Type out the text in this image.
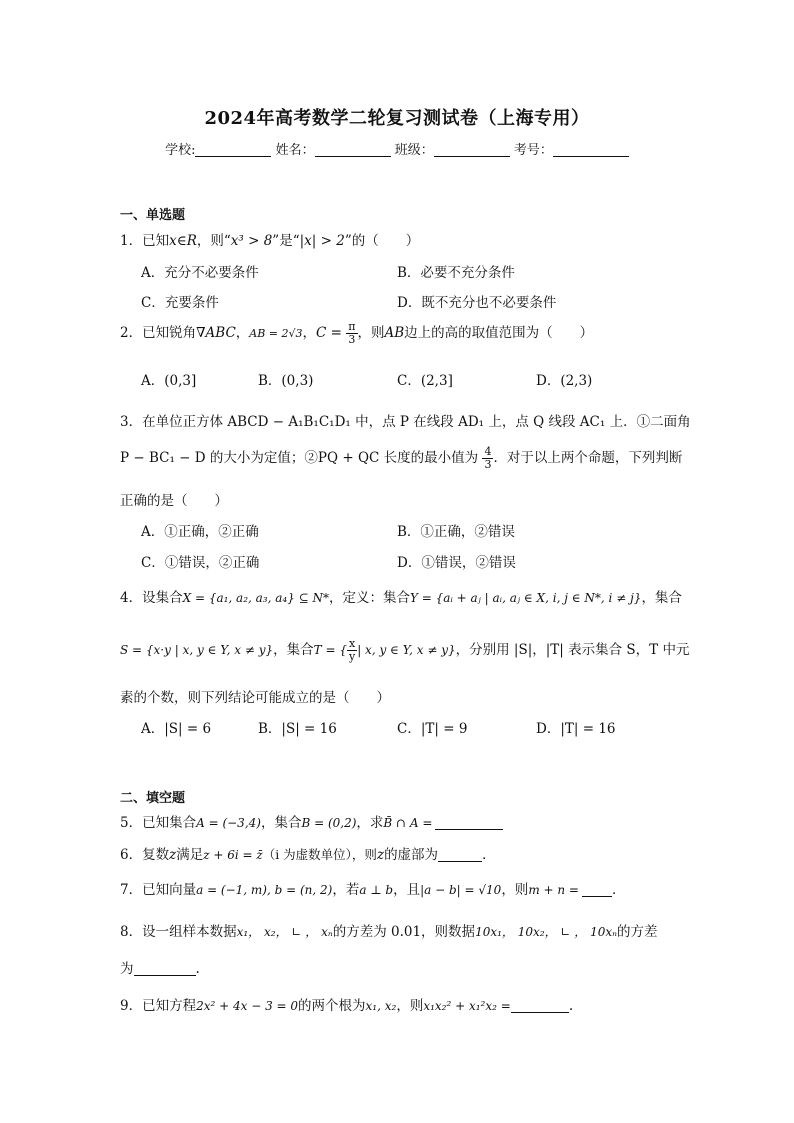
2024年高考数学二轮复习测试卷（上海专用）
学校:	姓名：	班级：	考号：
一、单选题
1．已知x∈R，则“x³ > 8”是“|x| > 2”的（　　）
A．充分不必要条件	B．必要不充分条件
C．充要条件	D．既不充分也不必要条件
2．已知锐角∇ABC，AB = 2√3，$C = \frac{\pi}{3}$ ，则AB边上的高的取值范围为（　　）
A．(0,3]	B．(0,3)	C．(2,3]	D．(2,3)
3．在单位正方体 ABCD − A₁B₁C₁D₁ 中，点 P 在线段 AD₁ 上，点 Q 线段 AC₁ 上．①二面角
P − BC₁ − D 的大小为定值；②PQ + QC 长度的最小值为 $\frac{4}{3}$ ．对于以上两个命题，下列判断
正确的是（　　）
A．①正确，②正确	B．①正确，②错误
C．①错误，②正确	D．①错误，②错误
4．设集合X = {a₁, a₂, a₃, a₄} ⊆ N*，定义：集合Y = {aᵢ + aⱼ | aᵢ, aⱼ ∈ X, i, j ∈ N*, i ≠ j}，集合
S = {x·y | x, y ∈ Y, x ≠ y}，集合T = { $\frac{x}{y}$ | x, y ∈ Y, x ≠ y}，分别用 |S|，|T| 表示集合 S，T 中元
素的个数，则下列结论可能成立的是（　　）
A．|S| = 6	B．|S| = 16	C．|T| = 9	D．|T| = 16
二、填空题
5．已知集合A = (−3,4)，集合B = (0,2)，求B̄ ∩ A =
6．复数z满足z + 6i = z̄（i 为虚数单位），则z的虚部为	．
7．已知向量a = (−1, m), b = (n, 2)，若a ⊥ b，且|a − b| = √10，则m + n = ．
8．设一组样本数据x₁， x₂， ∟ ， xₙ的方差为 0.01，则数据10x₁， 10x₂， ∟ ， 10xₙ的方差
为	.
9．已知方程2x² + 4x − 3 = 0的两个根为x₁, x₂，则x₁x₂² + x₁²x₂ =	.
